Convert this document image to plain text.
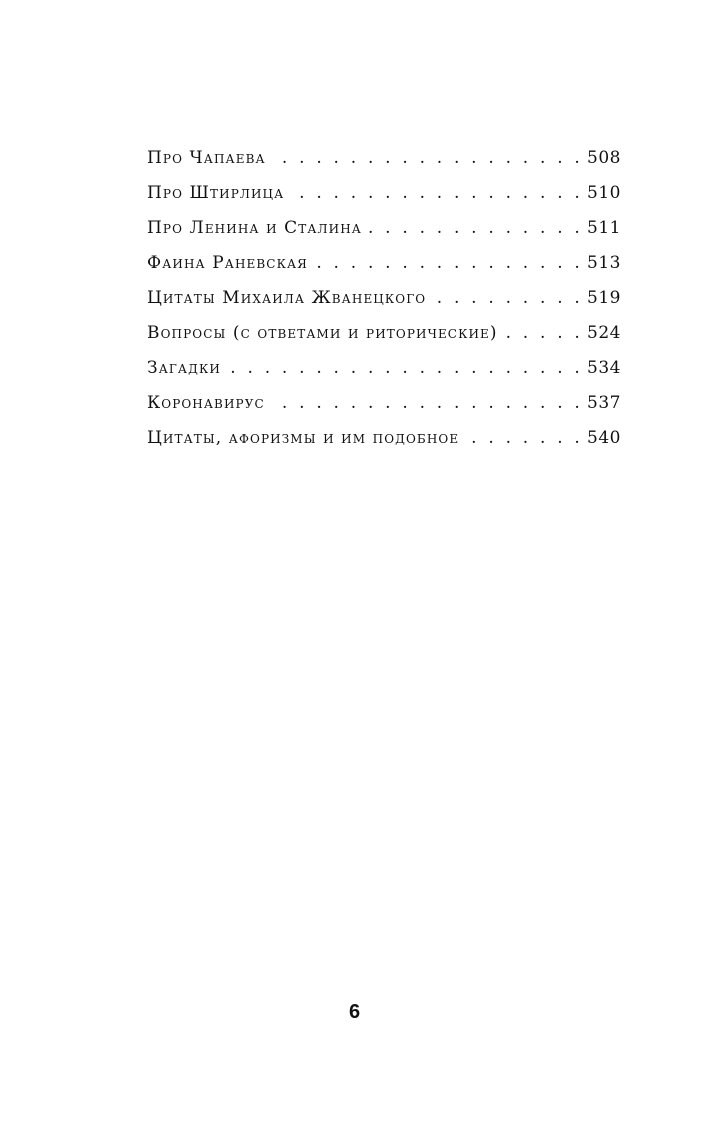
Про Чапаева . . .	508
Про Штирлица . . .	510
Про Ленина и Сталина . . .	511
Фаина Раневская . . .	513
Цитаты Михаила Жванецкого . . .	519
Вопросы (с ответами и риторические) . . .	524
Загадки . . .	534
Коронавирус . . .	537
Цитаты, афоризмы и им подобное . . .	540
6
